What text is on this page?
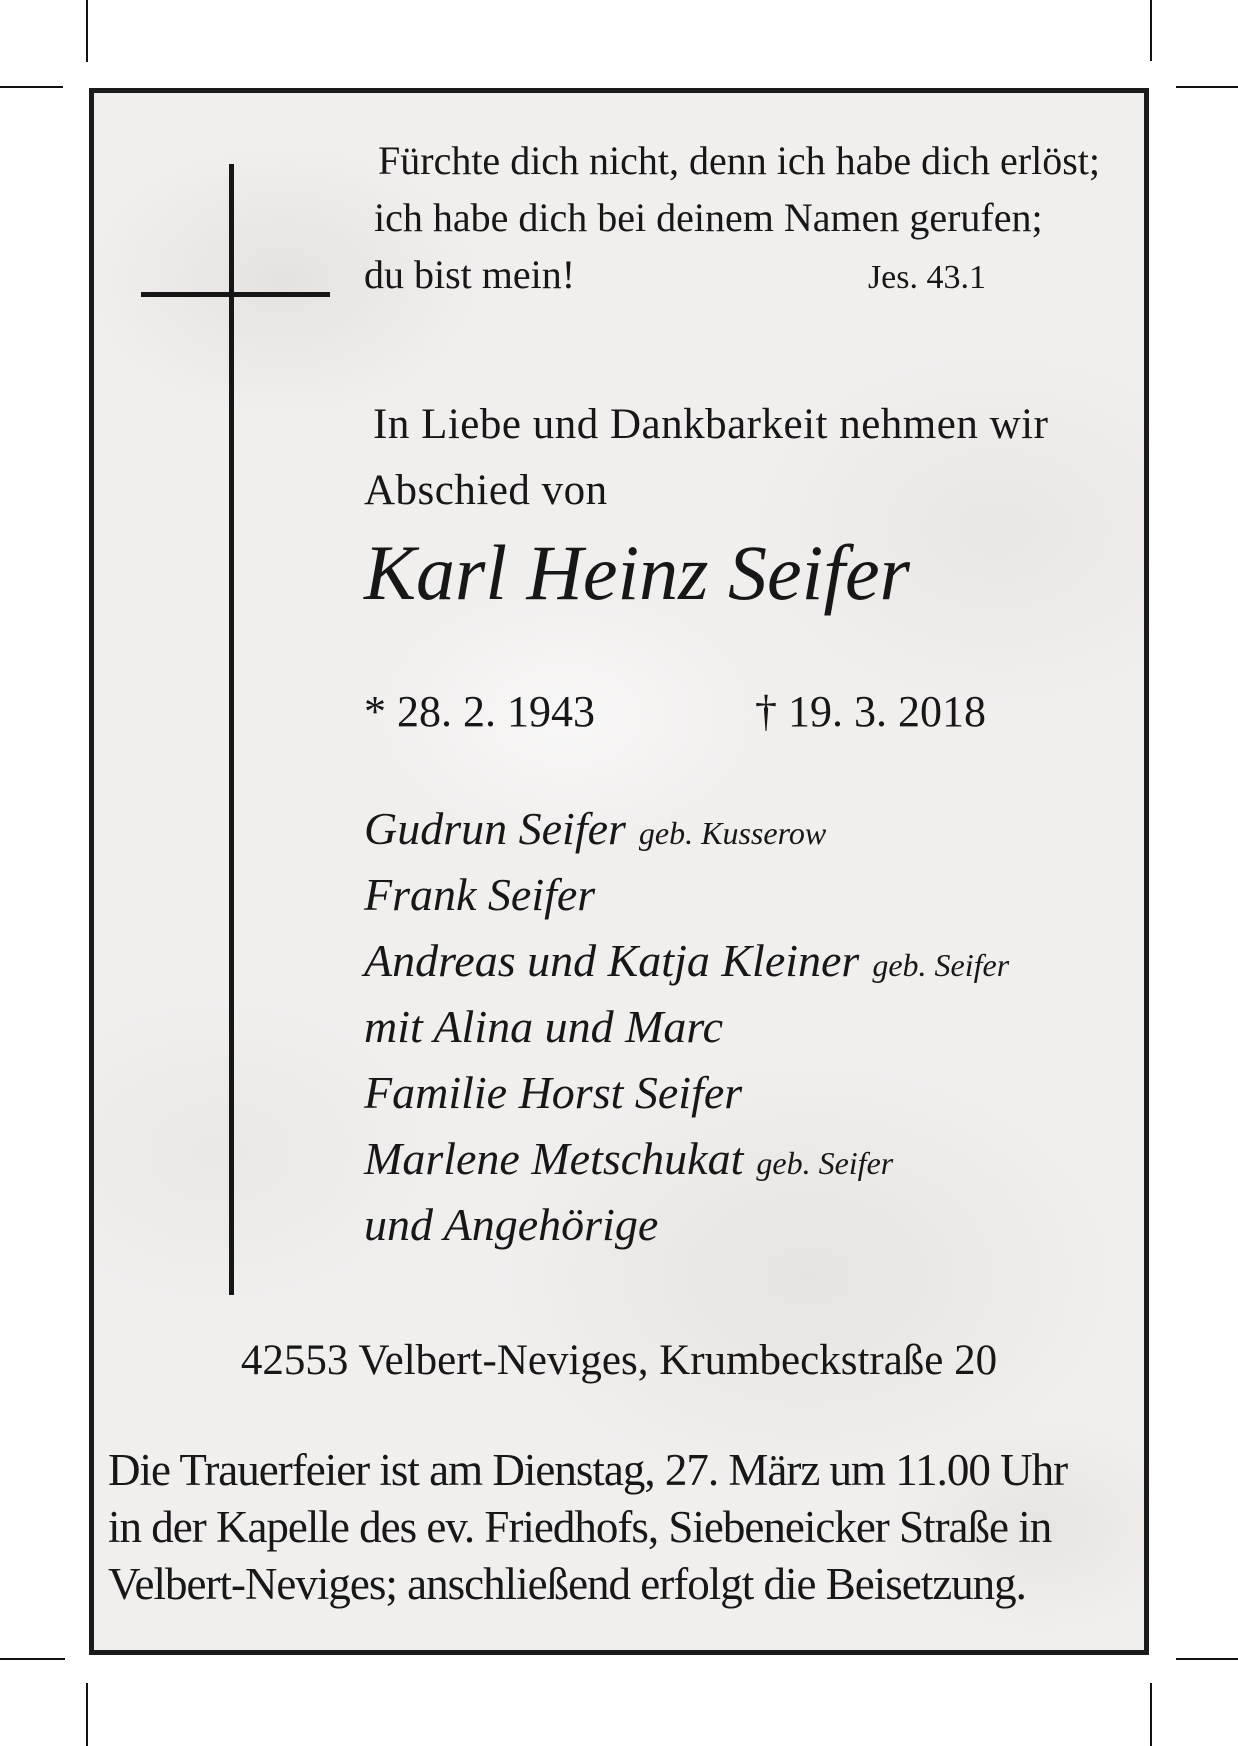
Fürchte dich nicht, denn ich habe dich erlöst;
ich habe dich bei deinem Namen gerufen;
du bist mein!	Jes. 43.1
In Liebe und Dankbarkeit nehmen wir
Abschied von
Karl Heinz Seifer
* 28. 2. 1943	† 19. 3. 2018
Gudrun Seifer geb. Kusserow
Frank Seifer
Andreas und Katja Kleiner geb. Seifer
mit Alina und Marc
Familie Horst Seifer
Marlene Metschukat geb. Seifer
und Angehörige
42553 Velbert-Neviges, Krumbeckstraße 20
Die Trauerfeier ist am Dienstag, 27. März um 11.00 Uhr
in der Kapelle des ev. Friedhofs, Siebeneicker Straße in
Velbert-Neviges; anschließend erfolgt die Beisetzung.
